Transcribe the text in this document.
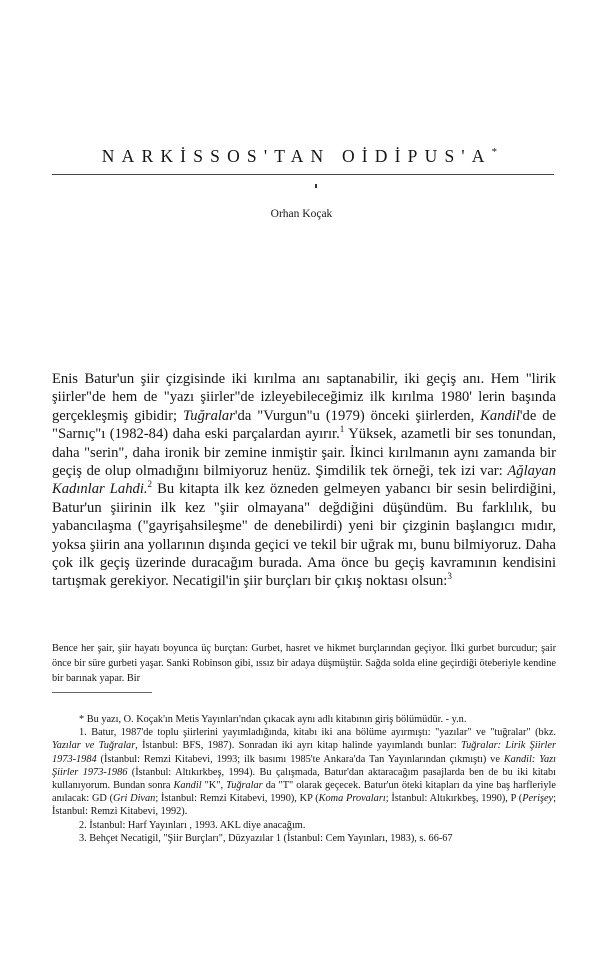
NARKİSSOS'TAN OİDİPUS'A*
Orhan Koçak

Enis Batur'un şiir çizgisinde iki kırılma anı saptanabilir, iki geçiş anı. Hem "lirik şiirler"de hem de "yazı şiirler"de izleyebileceğimiz ilk kırılma 1980' lerin başında gerçekleşmiş gibidir; Tuğralar'da "Vurgun"u (1979) önceki şiirlerden, Kandil'de de "Sarnıç"ı (1982-84) daha eski parçalardan ayırır.$^1$ Yüksek, azametli bir ses tonundan, daha "serin", daha ironik bir zemine inmiştir şair. İkinci kırılmanın aynı zamanda bir geçiş de olup olmadığını bilmiyoruz henüz. Şimdilik tek örneği, tek izi var: Ağlayan Kadınlar Lahdi.$^2$ Bu kitapta ilk kez özneden gelmeyen yabancı bir sesin belirdiğini, Batur'un şiirinin ilk kez "şiir olmayana" değdiğini düşündüm. Bu farklılık, bu yabancılaşma ("gayrişahsileşme" de denebilirdi) yeni bir çizginin başlangıcı mıdır, yoksa şiirin ana yollarının dışında geçici ve tekil bir uğrak mı, bunu bilmiyoruz. Daha çok ilk geçiş üzerinde duracağım burada. Ama önce bu geçiş kavramının kendisini tartışmak gerekiyor. Necatigil'in şiir burçları bir çıkış noktası olsun:$^3$

Bence her şair, şiir hayatı boyunca üç burçtan: Gurbet, hasret ve hikmet burçlarından geçiyor. İlki gurbet burcudur; şair önce bir süre gurbeti yaşar. Sanki Robinson gibi, ıssız bir adaya düşmüştür. Sağda solda eline geçirdiği öteberiyle kendine bir barınak yapar. Bir

* Bu yazı, O. Koçak'ın Metis Yayınları'ndan çıkacak aynı adlı kitabının giriş bölümüdür. - y.n.

1. Batur, 1987'de toplu şiirlerini yayımladığında, kitabı iki ana bölüme ayırmıştı: "yazılar" ve "tuğralar" (bkz. Yazılar ve Tuğralar, İstanbul: BFS, 1987). Sonradan iki ayrı kitap halinde yayımlandı bunlar: Tuğralar: Lirik Şiirler 1973-1984 (İstanbul: Remzi Kitabevi, 1993; ilk basımı 1985'te Ankara'da Tan Yayınlarından çıkmıştı) ve Kandil: Yazı Şiirler 1973-1986 (İstanbul: Altıkırkbeş, 1994). Bu çalışmada, Batur'dan aktaracağım pasajlarda ben de bu iki kitabı kullanıyorum. Bundan sonra Kandil "K", Tuğralar da "T" olarak geçecek. Batur'un öteki kitapları da yine baş harfleriyle anılacak: GD (Gri Divan; İstanbul: Remzi Kitabevi, 1990), KP (Koma Provaları; İstanbul: Altıkırkbeş, 1990), P (Perişey; İstanbul: Remzi Kitabevi, 1992).

2. İstanbul: Harf Yayınları , 1993. AKL diye anacağım.

3. Behçet Necatigil, "Şiir Burçları", Düzyazılar 1 (İstanbul: Cem Yayınları, 1983), s. 66-67
